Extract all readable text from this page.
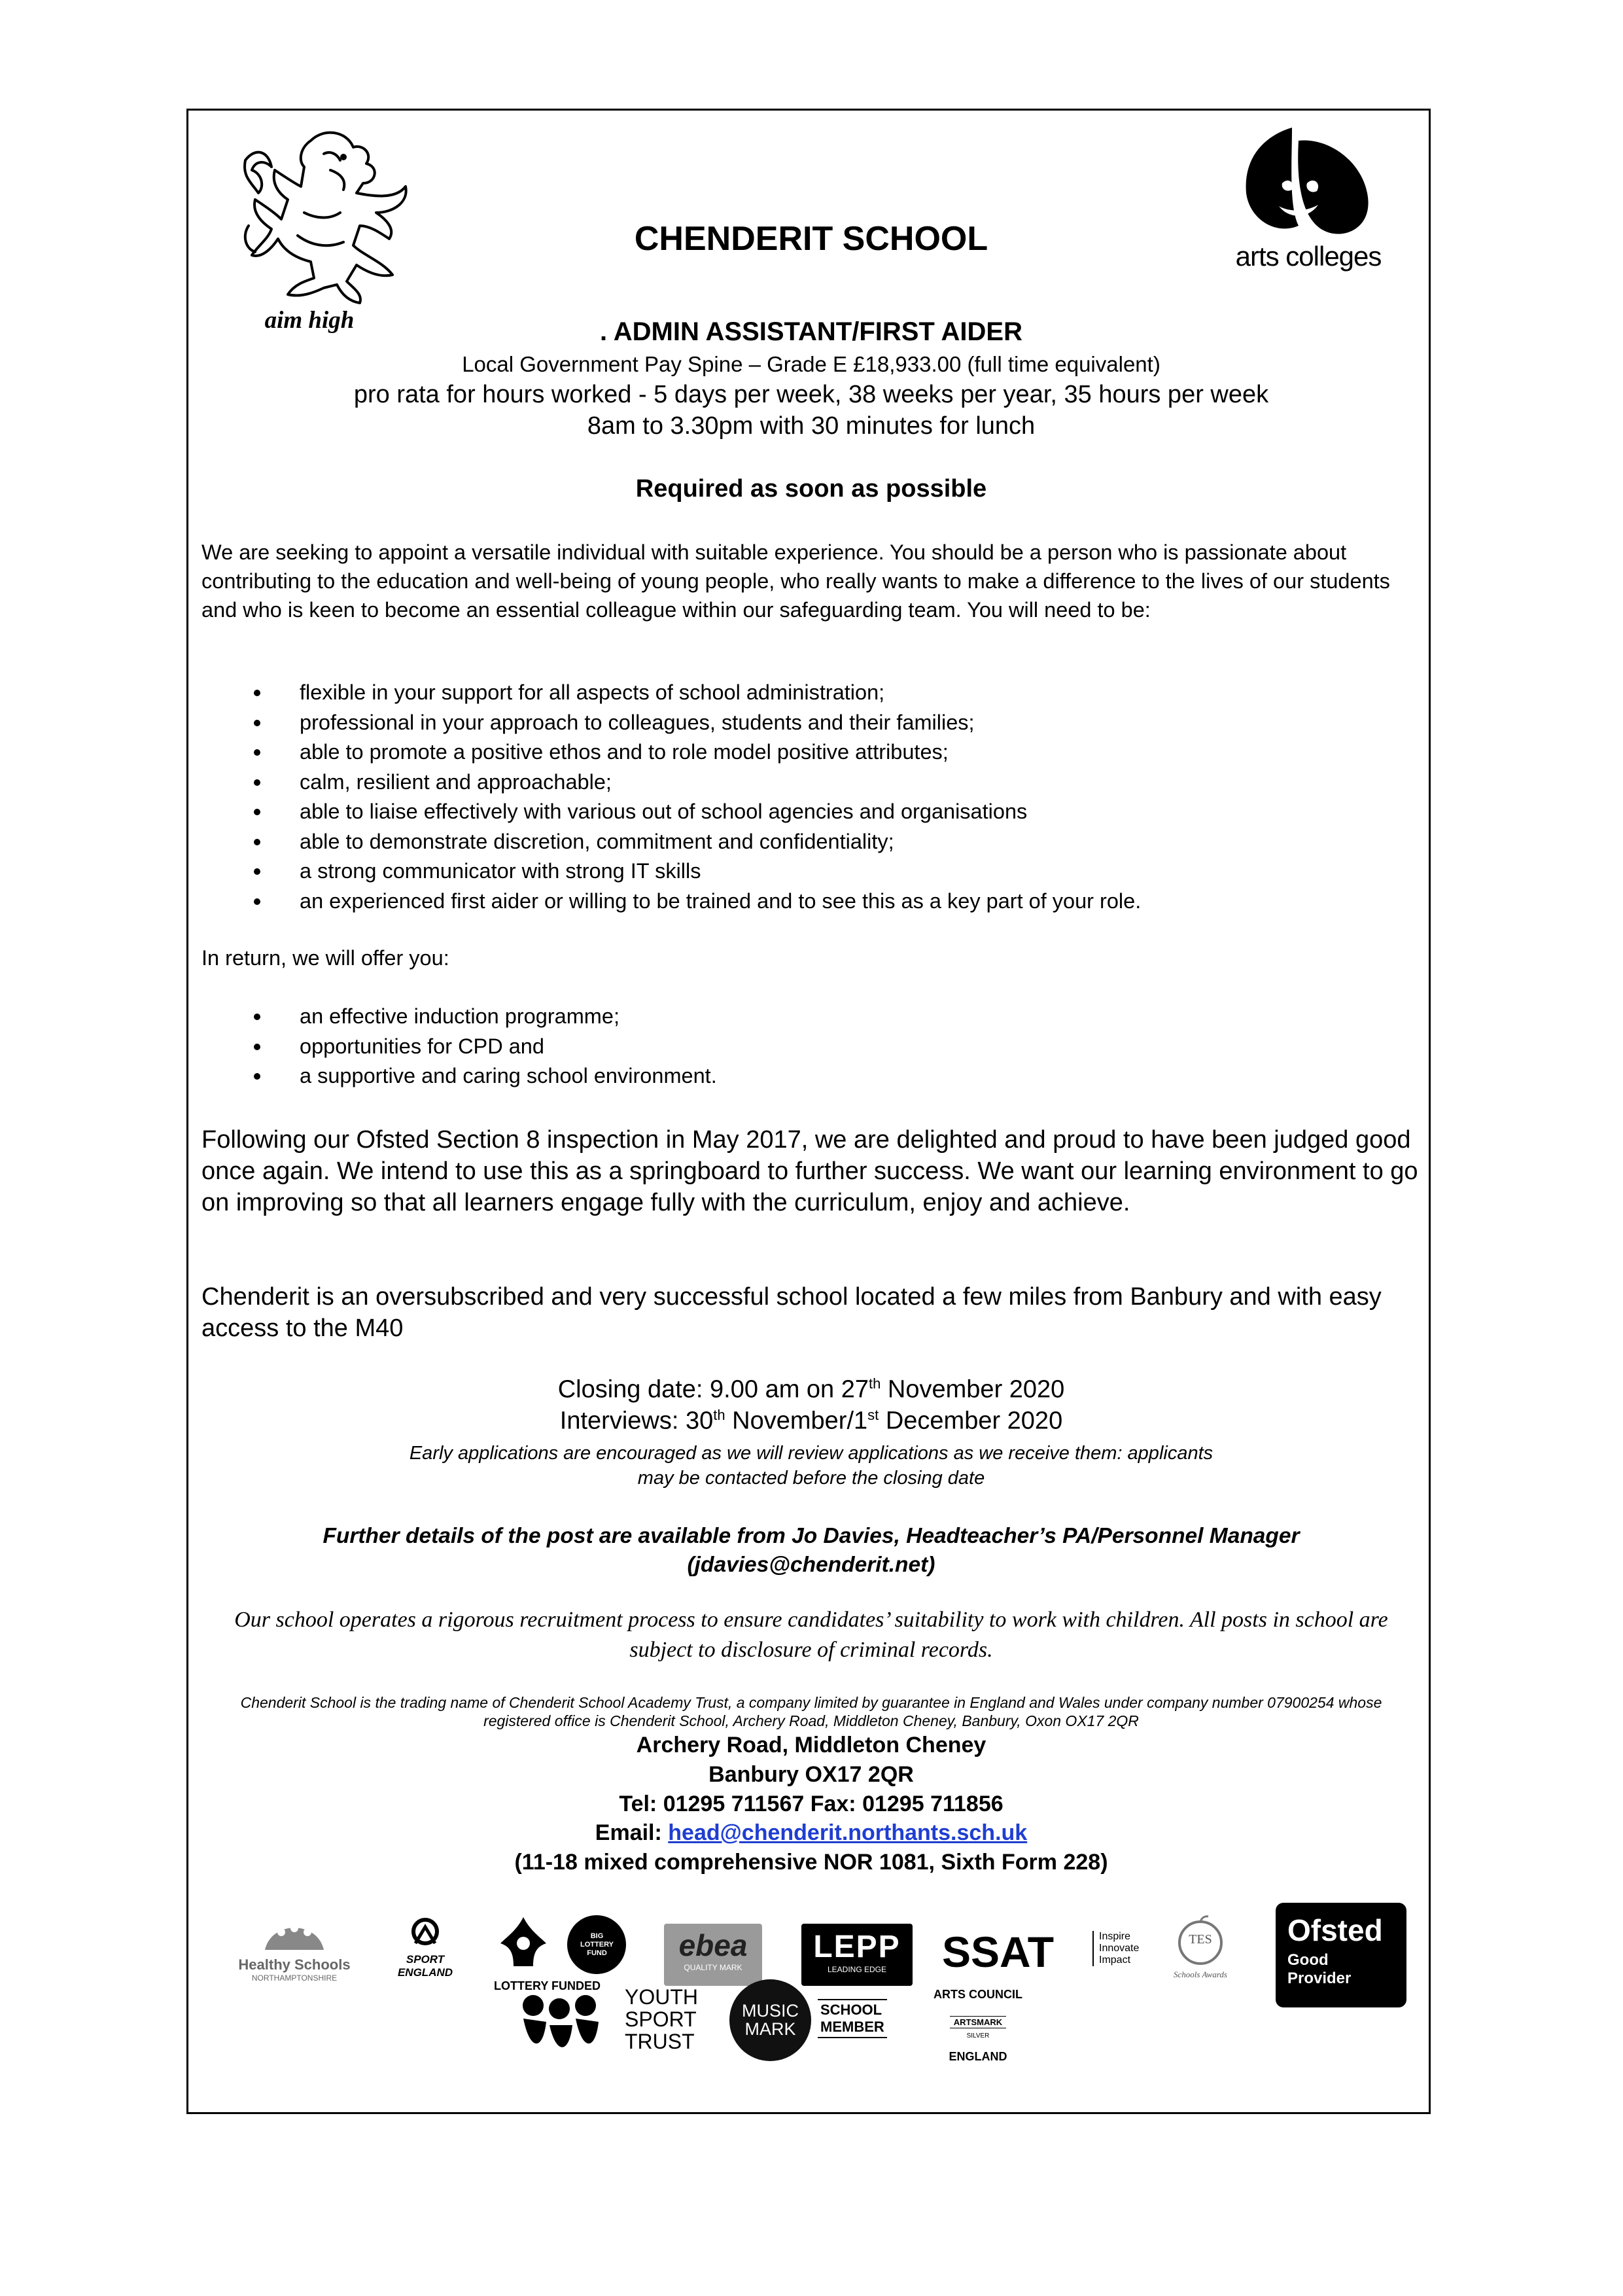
aim high
arts colleges
CHENDERIT SCHOOL
. ADMIN ASSISTANT/FIRST AIDER
Local Government Pay Spine – Grade E £18,933.00 (full time equivalent)
pro rata for hours worked - 5 days per week, 38 weeks per year, 35 hours per week
8am to 3.30pm with 30 minutes for lunch
Required as soon as possible
We are seeking to appoint a versatile individual with suitable experience. You should be a person who is passionate about contributing to the education and well-being of young people, who really wants to make a difference to the lives of our students and who is keen to become an essential colleague within our safeguarding team. You will need to be:
flexible in your support for all aspects of school administration;
professional in your approach to colleagues, students and their families;
able to promote a positive ethos and to role model positive attributes;
calm, resilient and approachable;
able to liaise effectively with various out of school agencies and organisations
able to demonstrate discretion, commitment and confidentiality;
a strong communicator with strong IT skills
an experienced first aider or willing to be trained and to see this as a key part of your role.
In return, we will offer you:
an effective induction programme;
opportunities for CPD and
a supportive and caring school environment.
Following our Ofsted Section 8 inspection in May 2017, we are delighted and proud to have been judged good once again. We intend to use this as a springboard to further success. We want our learning environment to go on improving so that all learners engage fully with the curriculum, enjoy and achieve.
Chenderit is an oversubscribed and very successful school located a few miles from Banbury and with easy access to the M40
Closing date: 9.00 am on 27th November 2020
Interviews: 30th November/1st December 2020
Early applications are encouraged as we will review applications as we receive them: applicants
may be contacted before the closing date
Further details of the post are available from Jo Davies, Headteacher’s PA/Personnel Manager
(jdavies@chenderit.net)
Our school operates a rigorous recruitment process to ensure candidates’ suitability to work with children. All posts in school are subject to disclosure of criminal records.
Chenderit School is the trading name of Chenderit School Academy Trust, a company limited by guarantee in England and Wales under company number 07900254 whose registered office is Chenderit School, Archery Road, Middleton Cheney, Banbury, Oxon OX17 2QR
Archery Road, Middleton Cheney
Banbury OX17 2QR
Tel: 01295 711567 Fax: 01295 711856
Email: head@chenderit.northants.sch.uk
(11-18 mixed comprehensive NOR 1081, Sixth Form 228)
Healthy Schools
NORTHAMPTONSHIRE
SPORT
ENGLAND
BIG LOTTERY FUND
LOTTERY FUNDED
ebea
QUALITY MARK
LEPP
LEADING EDGE	SSAT	Inspire
Innovate
Impact
TES
Schools Awards
Ofsted
Good
Provider
YOUTH
SPORT
TRUST
MUSIC
MARK
SCHOOL
MEMBER
ARTS COUNCIL
ARTSMARK
SILVER
ENGLAND
